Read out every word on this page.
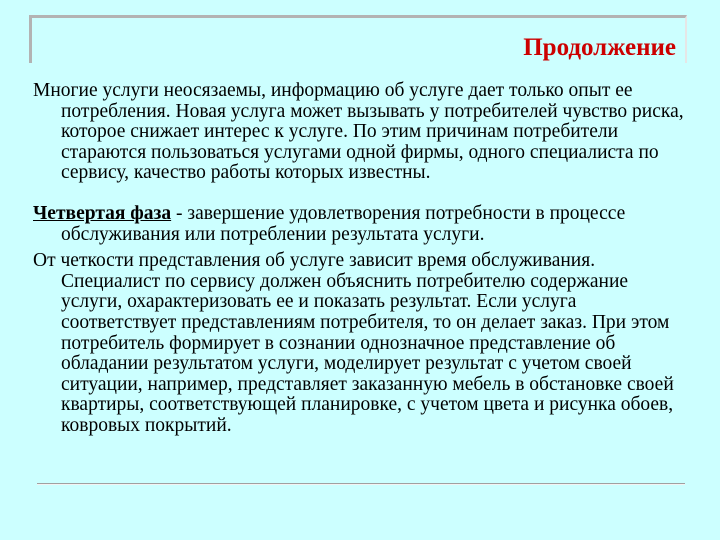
Продолжение

Многие услуги неосязаемы, информацию об услуге дает только опыт ее потребления. Новая услуга может вызывать у потребителей чувство риска, которое снижает интерес к услуге. По этим причинам потребители стараются пользоваться услугами одной фирмы, одного специалиста по сервису, качество работы которых известны.

Четвертая фаза - завершение удовлетворения потребности в процессе обслуживания или потреблении результата услуги.

От четкости представления об услуге зависит время обслуживания. Специалист по сервису должен объяснить потребителю содержание услуги, охарактеризовать ее и показать результат. Если услуга соответствует представлениям потребителя, то он делает заказ. При этом потребитель формирует в сознании однозначное представление об обладании результатом услуги, моделирует результат с учетом своей ситуации, например, представляет заказанную мебель в обстановке своей квартиры, соответствующей планировке, с учетом цвета и рисунка обоев, ковровых покрытий.
